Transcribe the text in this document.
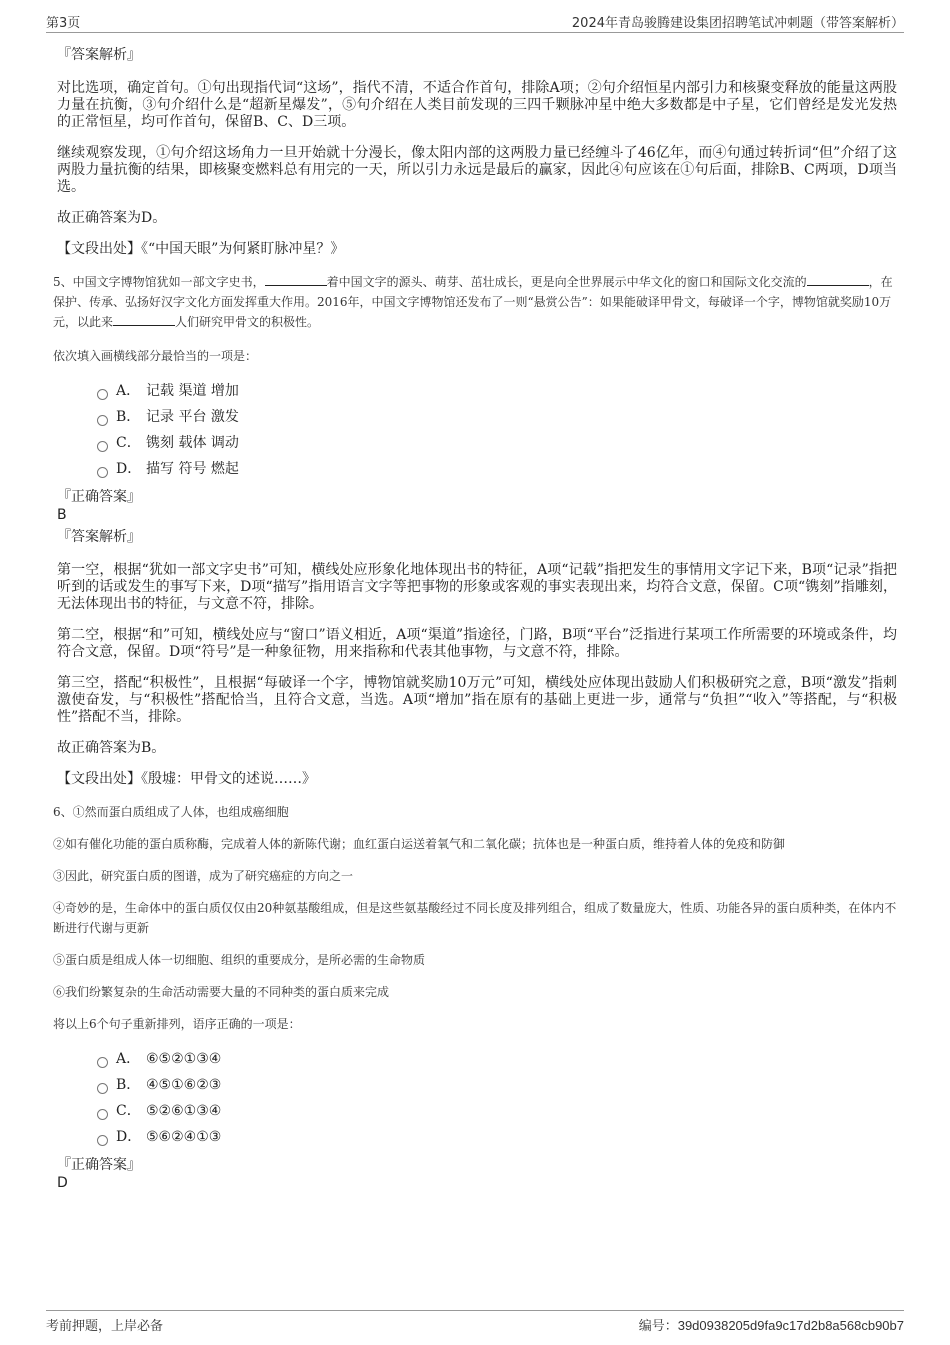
第3页	2024年青岛骏腾建设集团招聘笔试冲刺题（带答案解析）

『答案解析』

对比选项，确定首句。①句出现指代词“这场”，指代不清，不适合作首句，排除A项；②句介绍恒星内部引力和核聚变释放的能量这两股力量在抗衡，③句介绍什么是“超新星爆发”，⑤句介绍在人类目前发现的三四千颗脉冲星中绝大多数都是中子星，它们曾经是发光发热的正常恒星，均可作首句，保留B、C、D三项。

继续观察发现，①句介绍这场角力一旦开始就十分漫长，像太阳内部的这两股力量已经缠斗了46亿年，而④句通过转折词“但”介绍了这两股力量抗衡的结果，即核聚变燃料总有用完的一天，所以引力永远是最后的赢家，因此④句应该在①句后面，排除B、C两项，D项当选。

故正确答案为D。

【文段出处】《“中国天眼”为何紧盯脉冲星？》

5、中国文字博物馆犹如一部文字史书，	着中国文字的源头、萌芽、茁壮成长，更是向全世界展示中华文化的窗口和国际文化交流的	，在保护、传承、弘扬好汉字文化方面发挥重大作用。2016年，中国文字博物馆还发布了一则“悬赏公告”：如果能破译甲骨文，每破译一个字，博物馆就奖励10万元，以此来	人们研究甲骨文的积极性。

依次填入画横线部分最恰当的一项是：

A． 记载 渠道 增加
B． 记录 平台 激发
C． 镌刻 载体 调动
D． 描写 符号 燃起

『正确答案』

B

『答案解析』

第一空，根据“犹如一部文字史书”可知，横线处应形象化地体现出书的特征，A项“记载”指把发生的事情用文字记下来，B项“记录”指把听到的话或发生的事写下来，D项“描写”指用语言文字等把事物的形象或客观的事实表现出来，均符合文意，保留。C项“镌刻”指雕刻，无法体现出书的特征，与文意不符，排除。

第二空，根据“和”可知，横线处应与“窗口”语义相近，A项“渠道”指途径，门路，B项“平台”泛指进行某项工作所需要的环境或条件，均符合文意，保留。D项“符号”是一种象征物，用来指称和代表其他事物，与文意不符，排除。

第三空，搭配“积极性”，且根据“每破译一个字，博物馆就奖励10万元”可知，横线处应体现出鼓励人们积极研究之意，B项“激发”指刺激使奋发，与“积极性”搭配恰当，且符合文意，当选。A项“增加”指在原有的基础上更进一步，通常与“负担”“收入”等搭配，与“积极性”搭配不当，排除。

故正确答案为B。

【文段出处】《殷墟：甲骨文的述说……》

6、①然而蛋白质组成了人体，也组成癌细胞

②如有催化功能的蛋白质称酶，完成着人体的新陈代谢；血红蛋白运送着氧气和二氧化碳；抗体也是一种蛋白质，维持着人体的免疫和防御

③因此，研究蛋白质的图谱，成为了研究癌症的方向之一

④奇妙的是，生命体中的蛋白质仅仅由20种氨基酸组成，但是这些氨基酸经过不同长度及排列组合，组成了数量庞大，性质、功能各异的蛋白质种类，在体内不断进行代谢与更新

⑤蛋白质是组成人体一切细胞、组织的重要成分，是所必需的生命物质

⑥我们纷繁复杂的生命活动需要大量的不同种类的蛋白质来完成

将以上6个句子重新排列，语序正确的一项是：

A． ⑥⑤②①③④
B． ④⑤①⑥②③
C． ⑤②⑥①③④
D． ⑤⑥②④①③

『正确答案』

D

考前押题，上岸必备	编号：39d0938205d9fa9c17d2b8a568cb90b7
